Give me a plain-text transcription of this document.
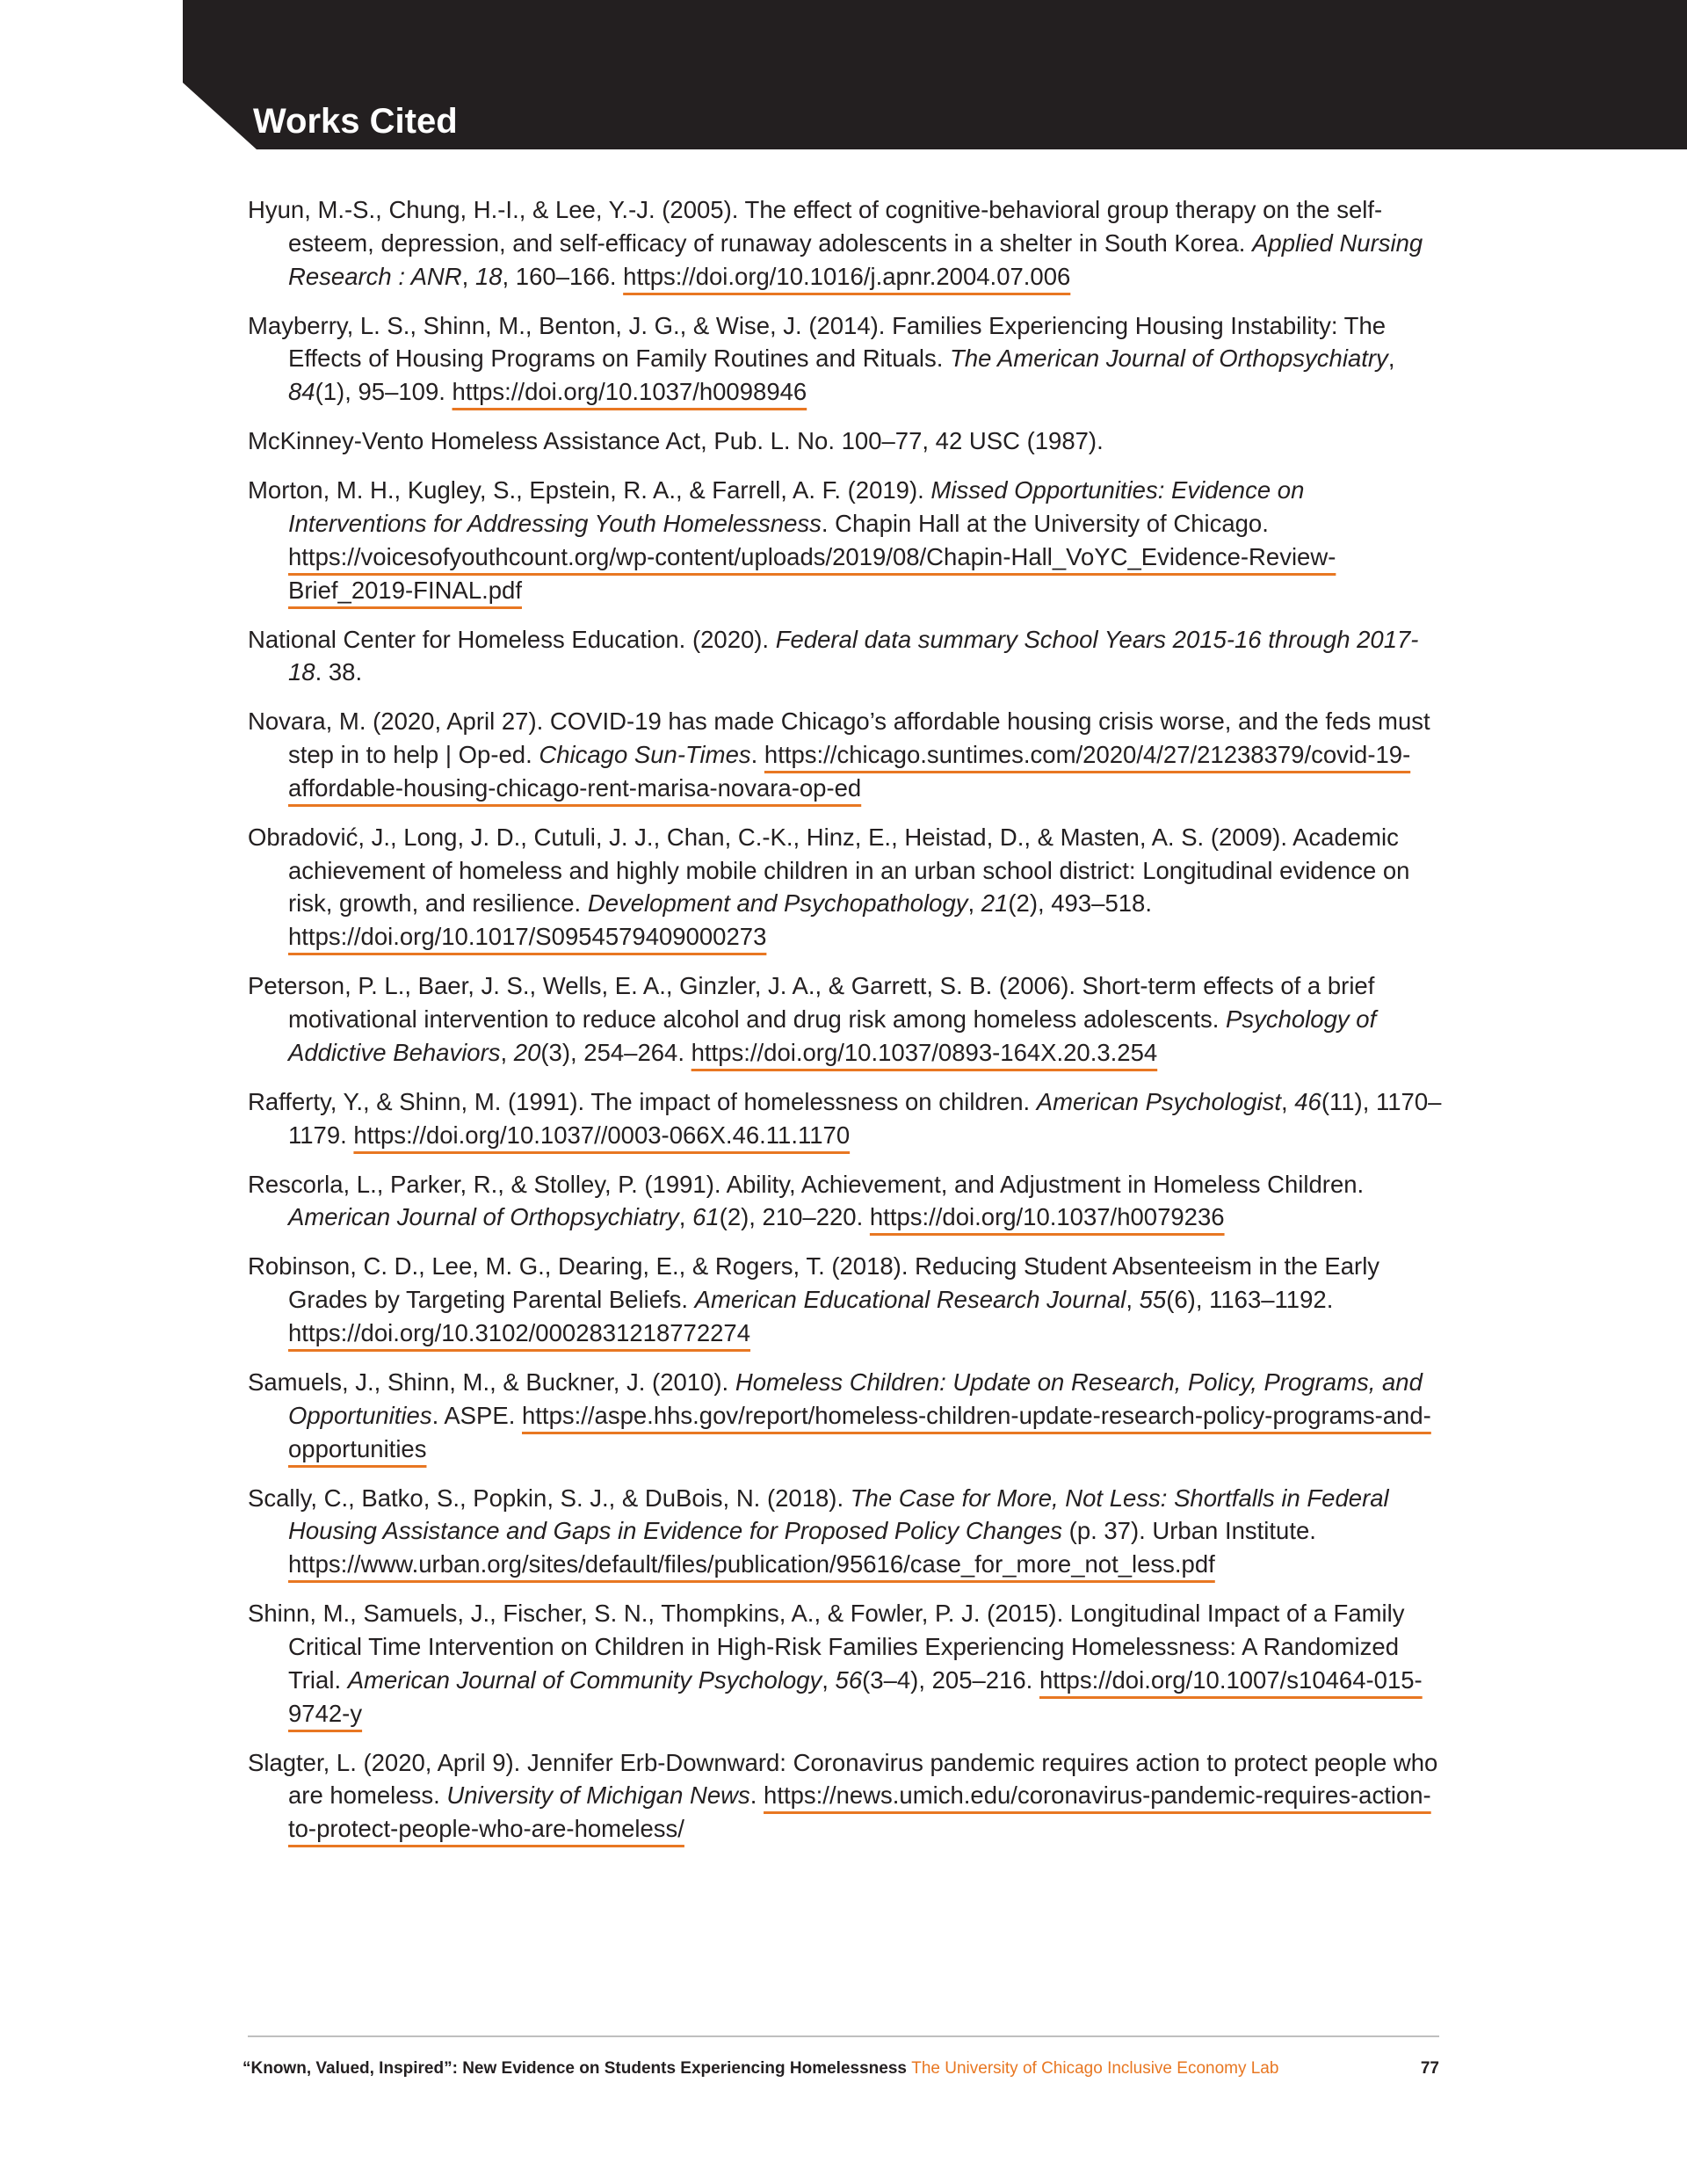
Works Cited
Hyun, M.-S., Chung, H.-I., & Lee, Y.-J. (2005). The effect of cognitive-behavioral group therapy on the self-esteem, depression, and self-efficacy of runaway adolescents in a shelter in South Korea. Applied Nursing Research : ANR, 18, 160–166. https://doi.org/10.1016/j.apnr.2004.07.006
Mayberry, L. S., Shinn, M., Benton, J. G., & Wise, J. (2014). Families Experiencing Housing Instability: The Effects of Housing Programs on Family Routines and Rituals. The American Journal of Orthopsychiatry, 84(1), 95–109. https://doi.org/10.1037/h0098946
McKinney-Vento Homeless Assistance Act, Pub. L. No. 100–77, 42 USC (1987).
Morton, M. H., Kugley, S., Epstein, R. A., & Farrell, A. F. (2019). Missed Opportunities: Evidence on Interventions for Addressing Youth Homelessness. Chapin Hall at the University of Chicago. https://voicesofyouthcount.org/wp-content/uploads/2019/08/Chapin-Hall_VoYC_Evidence-Review-Brief_2019-FINAL.pdf
National Center for Homeless Education. (2020). Federal data summary School Years 2015-16 through 2017-18. 38.
Novara, M. (2020, April 27). COVID-19 has made Chicago’s affordable housing crisis worse, and the feds must step in to help | Op-ed. Chicago Sun-Times. https://chicago.suntimes.com/2020/4/27/21238379/covid-19-affordable-housing-chicago-rent-marisa-novara-op-ed
Obradović, J., Long, J. D., Cutuli, J. J., Chan, C.-K., Hinz, E., Heistad, D., & Masten, A. S. (2009). Academic achievement of homeless and highly mobile children in an urban school district: Longitudinal evidence on risk, growth, and resilience. Development and Psychopathology, 21(2), 493–518. https://doi.org/10.1017/S0954579409000273
Peterson, P. L., Baer, J. S., Wells, E. A., Ginzler, J. A., & Garrett, S. B. (2006). Short-term effects of a brief motivational intervention to reduce alcohol and drug risk among homeless adolescents. Psychology of Addictive Behaviors, 20(3), 254–264. https://doi.org/10.1037/0893-164X.20.3.254
Rafferty, Y., & Shinn, M. (1991). The impact of homelessness on children. American Psychologist, 46(11), 1170–1179. https://doi.org/10.1037//0003-066X.46.11.1170
Rescorla, L., Parker, R., & Stolley, P. (1991). Ability, Achievement, and Adjustment in Homeless Children. American Journal of Orthopsychiatry, 61(2), 210–220. https://doi.org/10.1037/h0079236
Robinson, C. D., Lee, M. G., Dearing, E., & Rogers, T. (2018). Reducing Student Absenteeism in the Early Grades by Targeting Parental Beliefs. American Educational Research Journal, 55(6), 1163–1192. https://doi.org/10.3102/0002831218772274
Samuels, J., Shinn, M., & Buckner, J. (2010). Homeless Children: Update on Research, Policy, Programs, and Opportunities. ASPE. https://aspe.hhs.gov/report/homeless-children-update-research-policy-programs-and-opportunities
Scally, C., Batko, S., Popkin, S. J., & DuBois, N. (2018). The Case for More, Not Less: Shortfalls in Federal Housing Assistance and Gaps in Evidence for Proposed Policy Changes (p. 37). Urban Institute. https://www.urban.org/sites/default/files/publication/95616/case_for_more_not_less.pdf
Shinn, M., Samuels, J., Fischer, S. N., Thompkins, A., & Fowler, P. J. (2015). Longitudinal Impact of a Family Critical Time Intervention on Children in High-Risk Families Experiencing Homelessness: A Randomized Trial. American Journal of Community Psychology, 56(3–4), 205–216. https://doi.org/10.1007/s10464-015-9742-y
Slagter, L. (2020, April 9). Jennifer Erb-Downward: Coronavirus pandemic requires action to protect people who are homeless. University of Michigan News. https://news.umich.edu/coronavirus-pandemic-requires-action-to-protect-people-who-are-homeless/
“Known, Valued, Inspired”: New Evidence on Students Experiencing Homelessness The University of Chicago Inclusive Economy Lab	77
